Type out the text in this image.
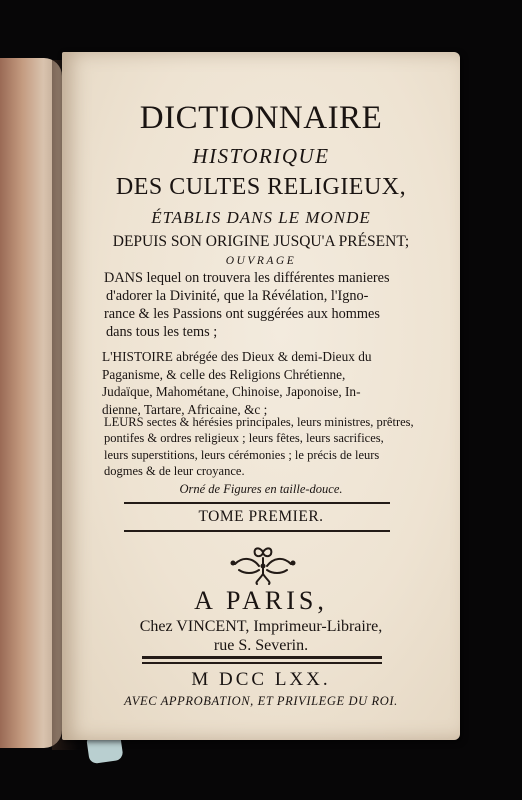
DICTIONNAIRE
HISTORIQUE
DES CULTES RELIGIEUX,
ÉTABLIS DANS LE MONDE
DEPUIS SON ORIGINE JUSQU'A PRÉSENT;
OUVRAGE
DANS lequel on trouvera les différentes manieres
d'adorer la Divinité, que la Révélation, l'Igno-
rance & les Passions ont suggérées aux hommes
dans tous les tems ;
L'HISTOIRE abrégée des Dieux & demi-Dieux du
Paganisme, & celle des Religions Chrétienne,
Judaïque, Mahométane, Chinoise, Japonoise, In-
dienne, Tartare, Africaine, &c ;
LEURS sectes & hérésies principales, leurs ministres, prêtres,
pontifes & ordres religieux ; leurs fêtes, leurs sacrifices,
leurs superstitions, leurs cérémonies ; le précis de leurs
dogmes & de leur croyance.
Orné de Figures en taille-douce.
TOME PREMIER.
A PARIS,
Chez VINCENT, Imprimeur-Libraire,
rue S. Severin.
M DCC LXX.
AVEC APPROBATION, ET PRIVILEGE DU ROI.
